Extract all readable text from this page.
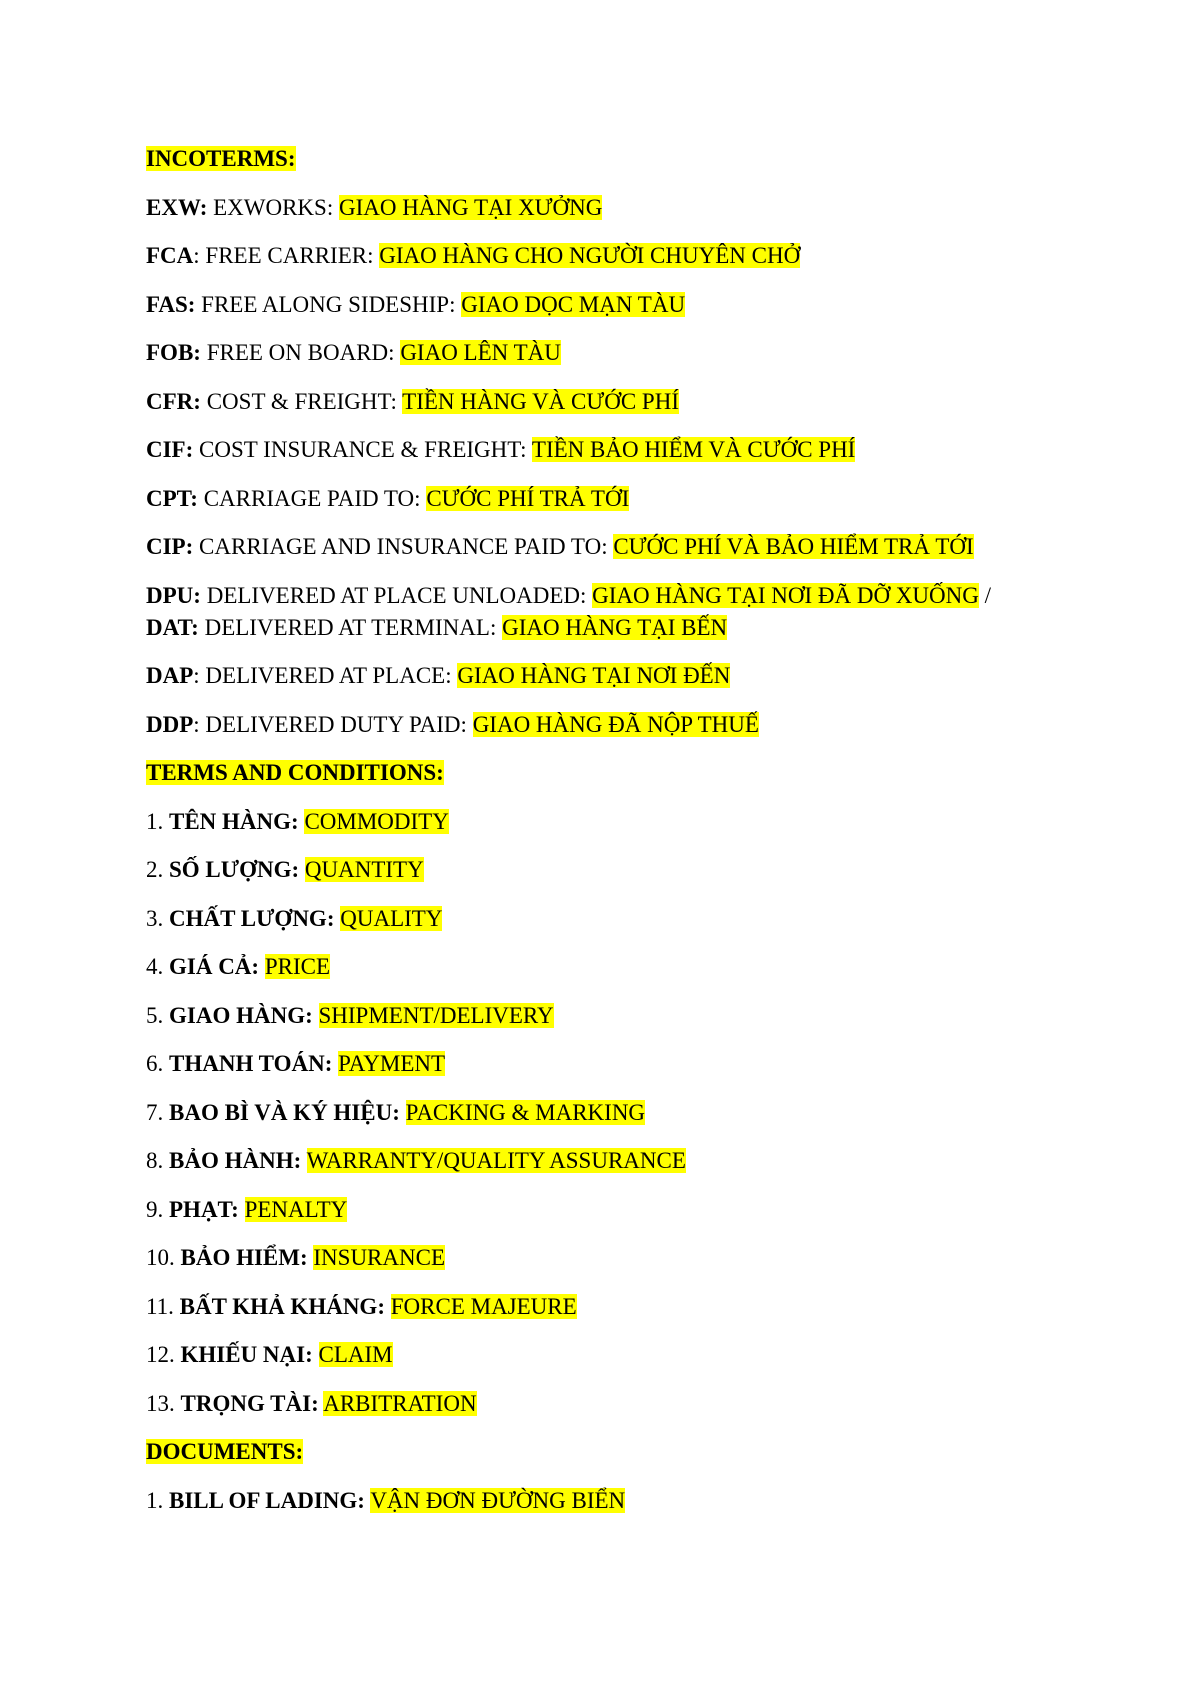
INCOTERMS:
EXW: EXWORKS: GIAO HÀNG TẠI XƯỞNG
FCA: FREE CARRIER: GIAO HÀNG CHO NGƯỜI CHUYÊN CHỞ
FAS: FREE ALONG SIDESHIP: GIAO DỌC MẠN TÀU
FOB: FREE ON BOARD: GIAO LÊN TÀU
CFR: COST & FREIGHT: TIỀN HÀNG VÀ CƯỚC PHÍ
CIF: COST INSURANCE & FREIGHT: TIỀN BẢO HIỂM VÀ CƯỚC PHÍ
CPT: CARRIAGE PAID TO: CƯỚC PHÍ TRẢ TỚI
CIP: CARRIAGE AND INSURANCE PAID TO: CƯỚC PHÍ VÀ BẢO HIỂM TRẢ TỚI
DPU: DELIVERED AT PLACE UNLOADED: GIAO HÀNG TẠI NƠI ĐÃ DỠ XUỐNG /
DAT: DELIVERED AT TERMINAL: GIAO HÀNG TẠI BẾN
DAP: DELIVERED AT PLACE: GIAO HÀNG TẠI NƠI ĐẾN
DDP: DELIVERED DUTY PAID: GIAO HÀNG ĐÃ NỘP THUẾ
TERMS AND CONDITIONS:
1. TÊN HÀNG: COMMODITY
2. SỐ LƯỢNG: QUANTITY
3. CHẤT LƯỢNG: QUALITY
4. GIÁ CẢ: PRICE
5. GIAO HÀNG: SHIPMENT/DELIVERY
6. THANH TOÁN: PAYMENT
7. BAO BÌ VÀ KÝ HIỆU: PACKING & MARKING
8. BẢO HÀNH: WARRANTY/QUALITY ASSURANCE
9. PHẠT: PENALTY
10. BẢO HIỂM: INSURANCE
11. BẤT KHẢ KHÁNG: FORCE MAJEURE
12. KHIẾU NẠI: CLAIM
13. TRỌNG TÀI: ARBITRATION
DOCUMENTS:
1. BILL OF LADING: VẬN ĐƠN ĐƯỜNG BIỂN
